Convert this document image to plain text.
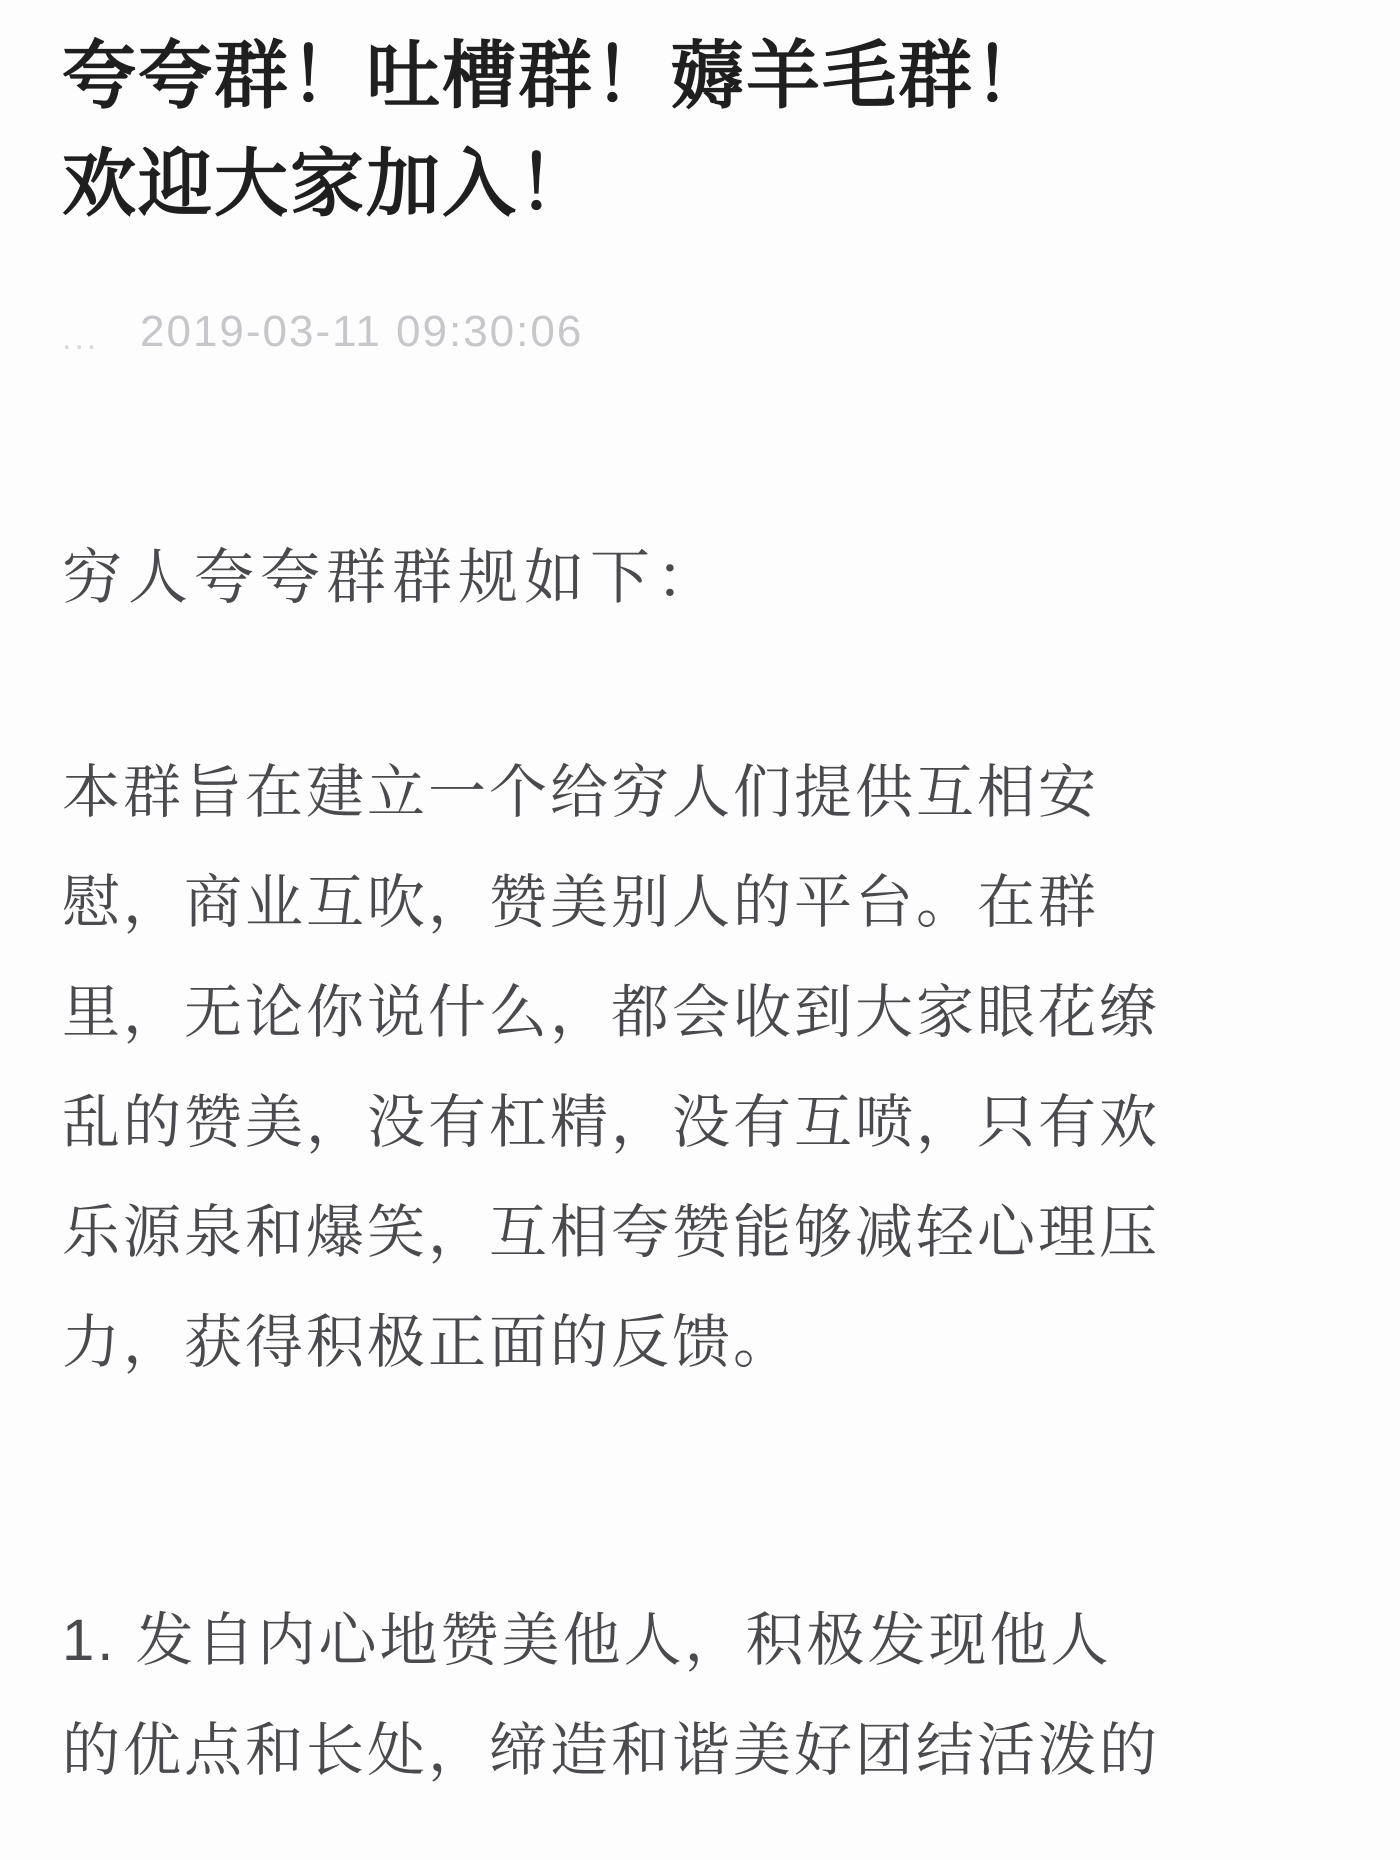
夸夸群！吐槽群！薅羊毛群！
欢迎大家加入！
... 2019-03-11 09:30:06
穷人夸夸群群规如下：
本群旨在建立一个给穷人们提供互相安
慰，商业互吹，赞美别人的平台。在群
里，无论你说什么，都会收到大家眼花缭
乱的赞美，没有杠精，没有互喷，只有欢
乐源泉和爆笑，互相夸赞能够减轻心理压
力，获得积极正面的反馈。
1. 发自内心地赞美他人，积极发现他人
的优点和长处，缔造和谐美好团结活泼的
